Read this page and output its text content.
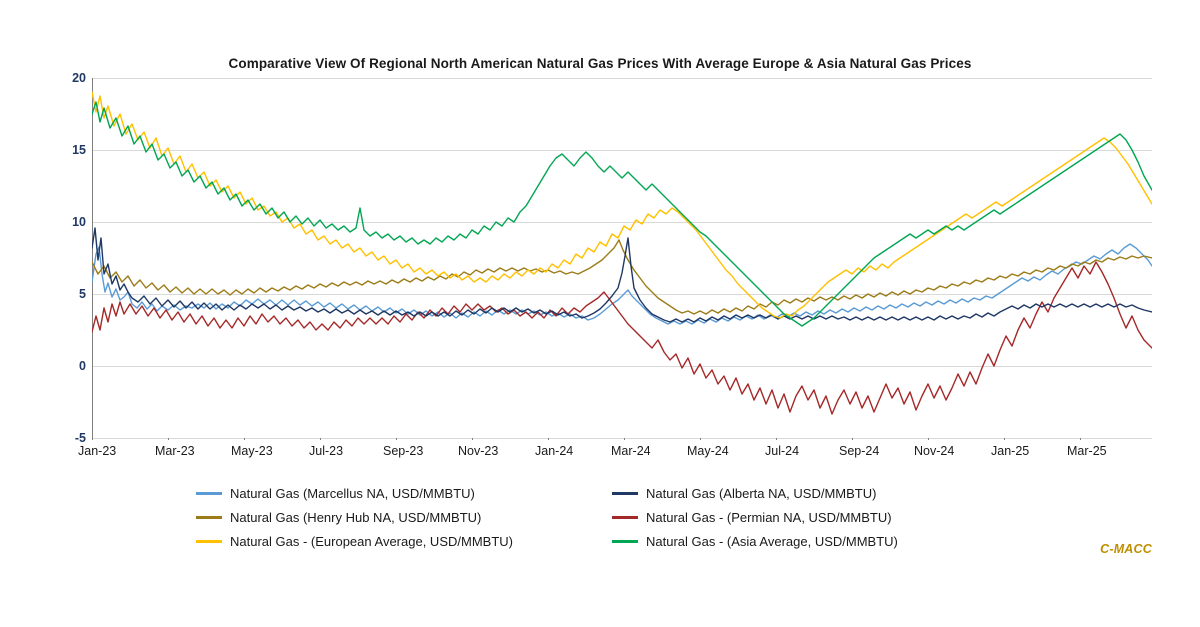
Comparative View Of Regional North American Natural Gas Prices With Average Europe & Asia Natural Gas Prices
20
15
10
5
0
-5
Jan-23	Mar-23	May-23	Jul-23	Sep-23	Nov-23	Jan-24	Mar-24	May-24	Jul-24	Sep-24	Nov-24	Jan-25	Mar-25
Natural Gas (Marcellus NA, USD/MMBTU)	Natural Gas (Alberta NA, USD/MMBTU)
Natural Gas (Henry Hub NA, USD/MMBTU)	Natural Gas - (Permian NA, USD/MMBTU)
Natural Gas - (European Average, USD/MMBTU)	Natural Gas - (Asia Average, USD/MMBTU)
C-MACC
